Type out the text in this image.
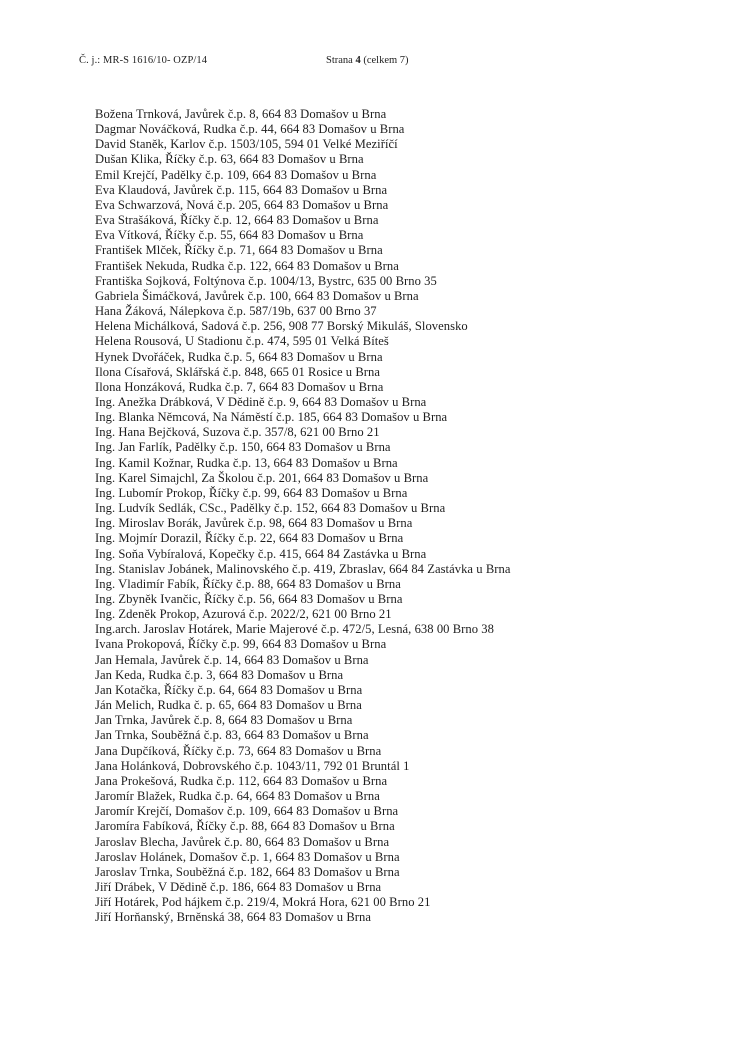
Č. j.: MR-S 1616/10- OZP/14	Strana 4 (celkem 7)
Božena Trnková, Javůrek č.p. 8, 664 83 Domašov u Brna
Dagmar Nováčková, Rudka č.p. 44, 664 83 Domašov u Brna
David Staněk, Karlov č.p. 1503/105, 594 01 Velké Meziříčí
Dušan Klika, Říčky č.p. 63, 664 83 Domašov u Brna
Emil Krejčí, Padělky č.p. 109, 664 83 Domašov u Brna
Eva Klaudová, Javůrek č.p. 115, 664 83 Domašov u Brna
Eva Schwarzová, Nová č.p. 205, 664 83 Domašov u Brna
Eva Strašáková, Říčky č.p. 12, 664 83 Domašov u Brna
Eva Vítková, Říčky č.p. 55, 664 83 Domašov u Brna
František Mlček, Říčky č.p. 71, 664 83 Domašov u Brna
František Nekuda, Rudka č.p. 122, 664 83 Domašov u Brna
Františka Sojková, Foltýnova č.p. 1004/13, Bystrc, 635 00 Brno 35
Gabriela Šimáčková, Javůrek č.p. 100, 664 83 Domašov u Brna
Hana Žáková, Nálepkova č.p. 587/19b, 637 00 Brno 37
Helena Michálková, Sadová č.p. 256, 908 77 Borský Mikuláš, Slovensko
Helena Rousová, U Stadionu č.p. 474, 595 01 Velká Bíteš
Hynek Dvořáček, Rudka č.p. 5, 664 83 Domašov u Brna
Ilona Císařová, Sklářská č.p. 848, 665 01 Rosice u Brna
Ilona Honzáková, Rudka č.p. 7, 664 83 Domašov u Brna
Ing. Anežka Drábková, V Dědině č.p. 9, 664 83 Domašov u Brna
Ing. Blanka Němcová, Na Náměstí č.p. 185, 664 83 Domašov u Brna
Ing. Hana Bejčková, Suzova č.p. 357/8, 621 00 Brno 21
Ing. Jan Farlík, Padělky č.p. 150, 664 83 Domašov u Brna
Ing. Kamil Kožnar, Rudka č.p. 13, 664 83 Domašov u Brna
Ing. Karel Simajchl, Za Školou č.p. 201, 664 83 Domašov u Brna
Ing. Lubomír Prokop, Říčky č.p. 99, 664 83 Domašov u Brna
Ing. Ludvík Sedlák, CSc., Padělky č.p. 152, 664 83 Domašov u Brna
Ing. Miroslav Borák, Javůrek č.p. 98, 664 83 Domašov u Brna
Ing. Mojmír Dorazil, Říčky č.p. 22, 664 83 Domašov u Brna
Ing. Soňa Vybíralová, Kopečky č.p. 415, 664 84 Zastávka u Brna
Ing. Stanislav Jobánek, Malinovského č.p. 419, Zbraslav, 664 84 Zastávka u Brna
Ing. Vladimír Fabík, Říčky č.p. 88, 664 83 Domašov u Brna
Ing. Zbyněk Ivančic, Říčky č.p. 56, 664 83 Domašov u Brna
Ing. Zdeněk Prokop, Azurová č.p. 2022/2, 621 00 Brno 21
Ing.arch. Jaroslav Hotárek, Marie Majerové č.p. 472/5, Lesná, 638 00 Brno 38
Ivana Prokopová, Říčky č.p. 99, 664 83 Domašov u Brna
Jan Hemala, Javůrek č.p. 14, 664 83 Domašov u Brna
Jan Keda, Rudka č.p. 3, 664 83 Domašov u Brna
Jan Kotačka, Říčky č.p. 64, 664 83 Domašov u Brna
Ján Melich, Rudka č. p. 65, 664 83 Domašov u Brna
Jan Trnka, Javůrek č.p. 8, 664 83 Domašov u Brna
Jan Trnka, Souběžná č.p. 83, 664 83 Domašov u Brna
Jana Dupčíková, Říčky č.p. 73, 664 83 Domašov u Brna
Jana Holánková, Dobrovského č.p. 1043/11, 792 01 Bruntál 1
Jana Prokešová, Rudka č.p. 112, 664 83 Domašov u Brna
Jaromír Blažek, Rudka č.p. 64, 664 83 Domašov u Brna
Jaromír Krejčí, Domašov č.p. 109, 664 83 Domašov u Brna
Jaromíra Fabíková, Říčky č.p. 88, 664 83 Domašov u Brna
Jaroslav Blecha, Javůrek č.p. 80, 664 83 Domašov u Brna
Jaroslav Holánek, Domašov č.p. 1, 664 83 Domašov u Brna
Jaroslav Trnka, Souběžná č.p. 182, 664 83 Domašov u Brna
Jiří Drábek, V Dědině č.p. 186, 664 83 Domašov u Brna
Jiří Hotárek, Pod hájkem č.p. 219/4, Mokrá Hora, 621 00 Brno 21
Jiří Horňanský, Brněnská 38, 664 83 Domašov u Brna
